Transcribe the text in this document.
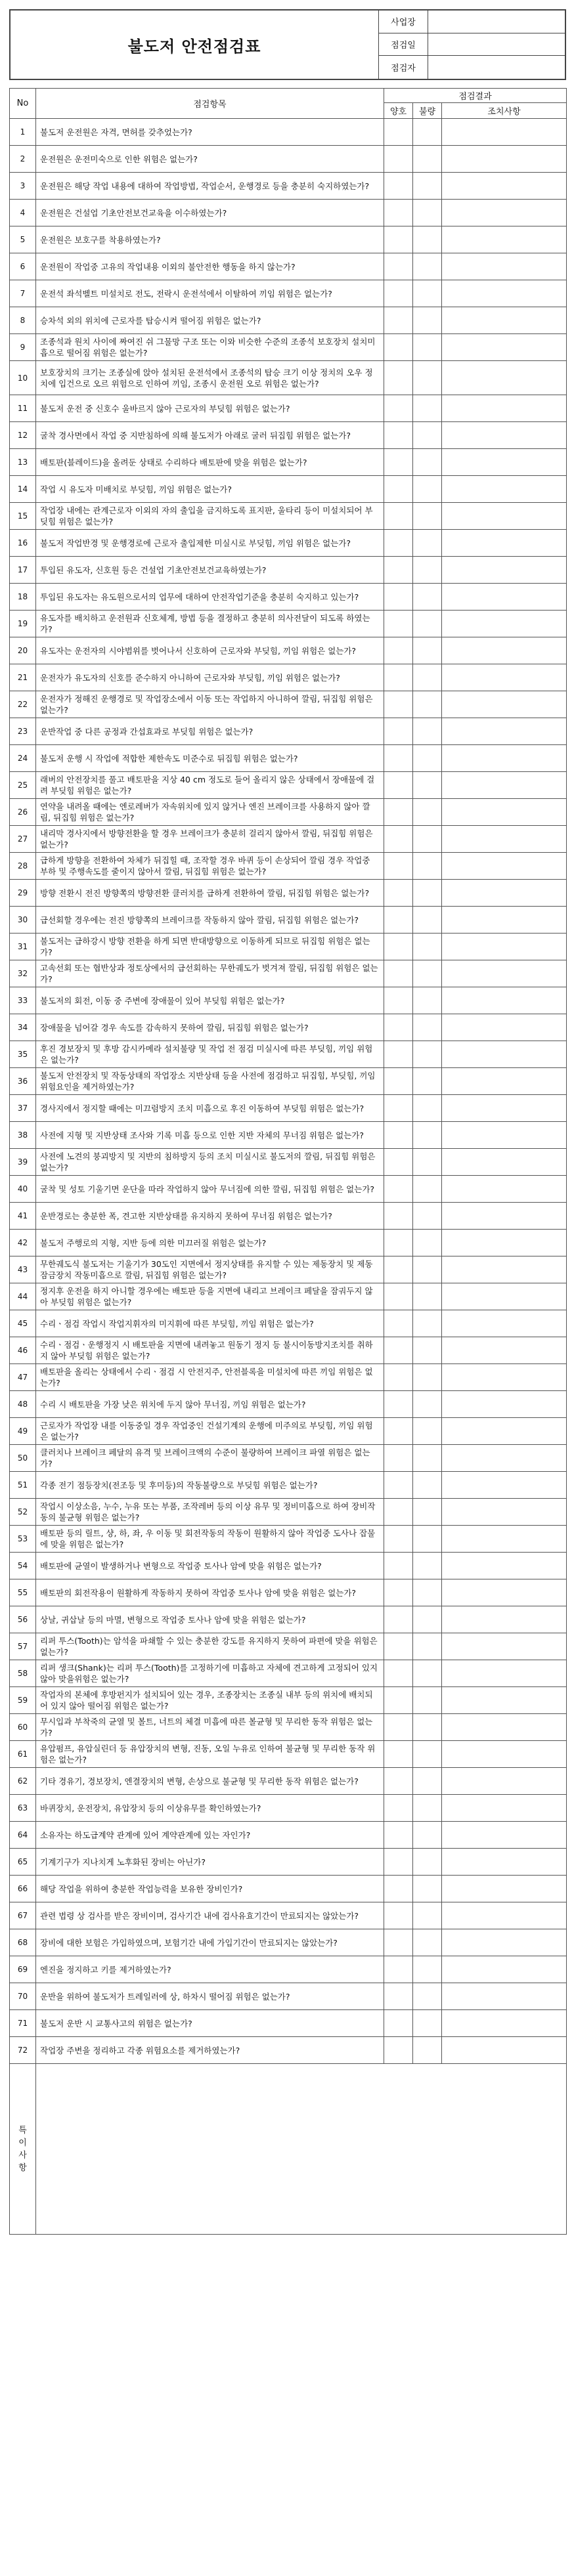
불도저 안전점검표
사업장
점검일
점검자
No	점검항목	점검결과		
		양호	불량	조치사항
1	불도저 운전원은 자격, 면허를 갖추었는가?			
2	운전원은 운전미숙으로 인한 위험은 없는가?			
3	운전원은 해당 작업 내용에 대하여 작업방법, 작업순서, 운행경로 등을 충분히 숙지하였는가?			
4	운전원은 건설업 기초안전보건교육을 이수하였는가?			
5	운전원은 보호구를 착용하였는가?			
6	운전원이 작업중 고유의 작업내용 이외의 불안전한 행동을 하지 않는가?			
7	운전석 좌석벨트 미설치로 전도, 전락시 운전석에서 이탈하여 끼임 위험은 없는가?			
8	승차석 외의 위치에 근로자를 탑승시켜 떨어짐 위험은 없는가?			
9	조종석과 원치 사이에 짜여진 쉬 그물망 구조 또는 이와 비슷한 수준의 조종석 보호장치 설치미흡으로 떨어짐 위험은 없는가?			
10	보호장치의 크기는 조종실에 앉아 설치된 운전석에서 조종석의 탑승 크기 이상 정치의 오우 정치에 입건으로 오르 위험으로 인하여 끼임, 조종시 운전원 오로 위험은 없는가?			
11	불도저 운전 중 신호수 울바르지 않아 근로자의 부딪힘 위험은 없는가?			
12	굴착 경사면에서 작업 중 지반침하에 의해 불도저가 아래로 굴러 뒤집힘 위험은 없는가?			
13	배토판(블레이드)을 올려둔 상태로 수리하다 배토판에 맞을 위험은 없는가?			
14	작업 시 유도자 미배치로 부딪힘, 끼임 위험은 없는가?			
15	작업장 내에는 관계근로자 이외의 자의 출입을 금지하도록 표지판, 울타리 등이 미설치되어 부딪힘 위험은 없는가?			
16	불도저 작업반경 및 운행경로에 근로자 출입제한 미실시로 부딪힘, 끼임 위험은 없는가?			
17	투입된 유도자, 신호원 등은 건설업 기초안전보건교육하였는가?			
18	투입된 유도자는 유도원으로서의 업무에 대하여 안전작업기준을 충분히 숙지하고 있는가?			
19	유도자를 배치하고 운전원과 신호체계, 방법 등을 결정하고 충분히 의사전달이 되도록 하였는가?			
20	유도자는 운전자의 시야범위를 벗어나서 신호하여 근로자와 부딪힘, 끼임 위험은 없는가?			
21	운전자가 유도자의 신호를 준수하지 아니하여 근로자와 부딪힘, 끼임 위험은 없는가?			
22	운전자가 정해진 운행경로 및 작업장소에서 이동 또는 작업하지 아니하여 깔림, 뒤집힘 위험은 없는가?			
23	운반작업 중 다른 공정과 간섭효과로 부딪힘 위험은 없는가?			
24	불도저 운행 시 작업에 적합한 제한속도 미준수로 뒤집힘 위험은 없는가?			
25	래버의 안전장치를 풀고 배토판을 지상 40 cm 정도로 들어 올리지 않은 상태에서 장애물에 걸려 부딪힘 위험은 없는가?			
26	연약을 내려올 때에는 엔로레버가 자속위치에 있지 않거나 엔진 브레이크를 사용하지 않아 깔림, 뒤집힘 위험은 없는가?			
27	내리막 경사지에서 방향전환을 할 경우 브레이크가 충분히 걸리지 않아서 깔림, 뒤집힘 위험은 없는가?			
28	급하게 방향을 전환하여 차체가 뒤집힐 때, 조작할 경우 바퀴 등이 손상되어 깔림 경우 작업중 부하 및 주행속도를 줄이지 않아서 깔림, 뒤집힘 위험은 없는가?			
29	방향 전환시 전진 방향쪽의 방향전환 클러치를 급하게 전환하여 깔림, 뒤집힘 위험은 없는가?			
30	급선회할 경우에는 전진 방향쪽의 브레이크를 작동하지 않아 깔림, 뒤집힘 위험은 없는가?			
31	불도저는 급하강시 방향 전환을 하게 되면 반대방향으로 이동하게 되므로 뒤집힘 위험은 없는가?			
32	고속선회 또는 협반상과 정토상에서의 급선회하는 무한궤도가 벗겨져 깔림, 뒤집힘 위험은 없는가?			
33	불도저의 회전, 이동 중 주변에 장애물이 있어 부딪힘 위험은 없는가?			
34	장애물을 넘어갈 경우 속도를 감속하지 못하여 깔림, 뒤집힘 위험은 없는가?			
35	후진 경보장치 및 후방 감시카메라 설치불량 및 작업 전 점검 미실시에 따른 부딪힘, 끼임 위험은 없는가?			
36	불도저 안전장치 및 작동상태의 작업장소 지반상태 등을 사전에 점검하고 뒤집힘, 부딪힘, 끼임 위험요인을 제거하였는가?			
37	경사지에서 정지할 때에는 미끄럼방지 조치 미흡으로 후진 이동하여 부딪힘 위험은 없는가?			
38	사전에 지형 및 지반상태 조사와 기록 미흡 등으로 인한 지반 자체의 무너짐 위험은 없는가?			
39	사전에 노견의 붕괴방지 및 지반의 침하방지 등의 조치 미실시로 불도저의 깔림, 뒤집힘 위험은 없는가?			
40	굴착 및 성토 기울기면 운단을 따라 작업하지 않아 무너짐에 의한 깔림, 뒤집힘 위험은 없는가?			
41	운반경로는 충분한 폭, 견고한 지반상태를 유지하지 못하여 무너짐 위험은 없는가?			
42	불도저 주행로의 지형, 지반 등에 의한 미끄러질 위험은 없는가?			
43	무한궤도식 불도저는 기울기가 30도인 지면에서 정지상태를 유지할 수 있는 제동장치 및 제동잠금장치 작동미흡으로 깔림, 뒤집힘 위험은 없는가?			
44	정지후 운전을 하지 아니할 경우에는 배토판 등을 지면에 내리고 브레이크 페달을 잠궈두지 않아 부딪힘 위험은 없는가?			
45	수리ㆍ점검 작업시 작업지휘자의 미지휘에 따른 부딪힘, 끼임 위험은 없는가?			
46	수리ㆍ점검ㆍ운행정지 시 배토판을 지면에 내려놓고 원동기 정지 등 불시이동방지조치를 취하지 않아 부딪힘 위험은 없는가?			
47	배토판을 올리는 상태에서 수리ㆍ점검 시 안전지주, 안전블록을 미설치에 따른 끼임 위험은 없는가?			
48	수리 시 배토판을 가장 낮은 위치에 두지 않아 무너짐, 끼임 위험은 없는가?			
49	근로자가 작업장 내를 이동중일 경우 작업중인 건설기계의 운행에 미주의로 부딪힘, 끼임 위험은 없는가?			
50	클러치나 브레이크 페달의 유격 및 브레이크액의 수준이 불량하여 브레이크 파열 위험은 없는가?			
51	각종 전기 점등장치(전조등 및 후미등)의 작동불량으로 부딪힘 위험은 없는가?			
52	작업시 이상소음, 누수, 누유 또는 부품, 조작레버 등의 이상 유무 및 정비미흡으로 하여 장비작동의 불균형 위험은 없는가?			
53	배토판 등의 릴트, 샹, 하, 좌, 우 이동 및 회전작동의 작동이 원활하지 않아 작업중 도사나 잡물에 맞을 위험은 없는가?			
54	배토판에 균열이 발생하거나 변형으로 작업중 토사나 암에 맞을 위험은 없는가?			
55	배토판의 회전작용이 원활하게 작동하지 못하여 작업중 토사나 암에 맞을 위험은 없는가?			
56	상날, 귀삽날 등의 마멸, 변형으로 작업중 토사나 암에 맞을 위험은 없는가?			
57	리퍼 투스(Tooth)는 암석을 파쇄할 수 있는 충분한 강도를 유지하지 못하여 파편에 맞을 위험은 없는가?			
58	리퍼 생크(Shank)는 리퍼 투스(Tooth)를 고정하기에 미흡하고 자체에 견고하게 고정되어 있지 않아 맞을위험은 없는가?			
59	작업자의 본체에 후방펀지가 설치되어 있는 경우, 조종장치는 조종실 내부 등의 위치에 배치되어 있지 않아 떨어짐 위험은 없는가?			
60	무시입과 부착죽의 균열 및 볼트, 너트의 체결 미흡에 따른 볼균형 및 무리한 동작 위험은 없는가?			
61	유압펌프, 유압실린더 등 유압장치의 변형, 진동, 오일 누유로 인하여 불균형 및 무리한 동작 위험은 없는가?			
62	기타 경유기, 경보장치, 엔결장치의 변형, 손상으로 불균형 및 무리한 동작 위험은 없는가?			
63	바퀴장치, 운전장치, 유압장치 등의 이상유무를 확인하였는가?			
64	소유자는 하도급계약 관계에 있어 계약관계에 있는 자인가?			
65	기계기구가 지나치게 노후화된 장비는 아닌가?			
66	해당 작업을 위하여 충분한 작업능력을 보유한 장비인가?			
67	관련 법령 상 검사를 받은 장비이며, 검사기간 내에 검사유효기간이 만료되지는 않았는가?			
68	장비에 대한 보험은 가입하였으며, 보험기간 내에 가입기간이 만료되지는 않았는가?			
69	엔진을 정지하고 키를 제거하였는가?			
70	운반을 위하여 불도저가 트레일러에 상, 하차시 떨어짐 위험은 없는가?			
71	불도저 운반 시 교통사고의 위험은 없는가?			
72	작업장 주변을 정리하고 각종 위험요소를 제거하였는가?			
특
이
사
항				
